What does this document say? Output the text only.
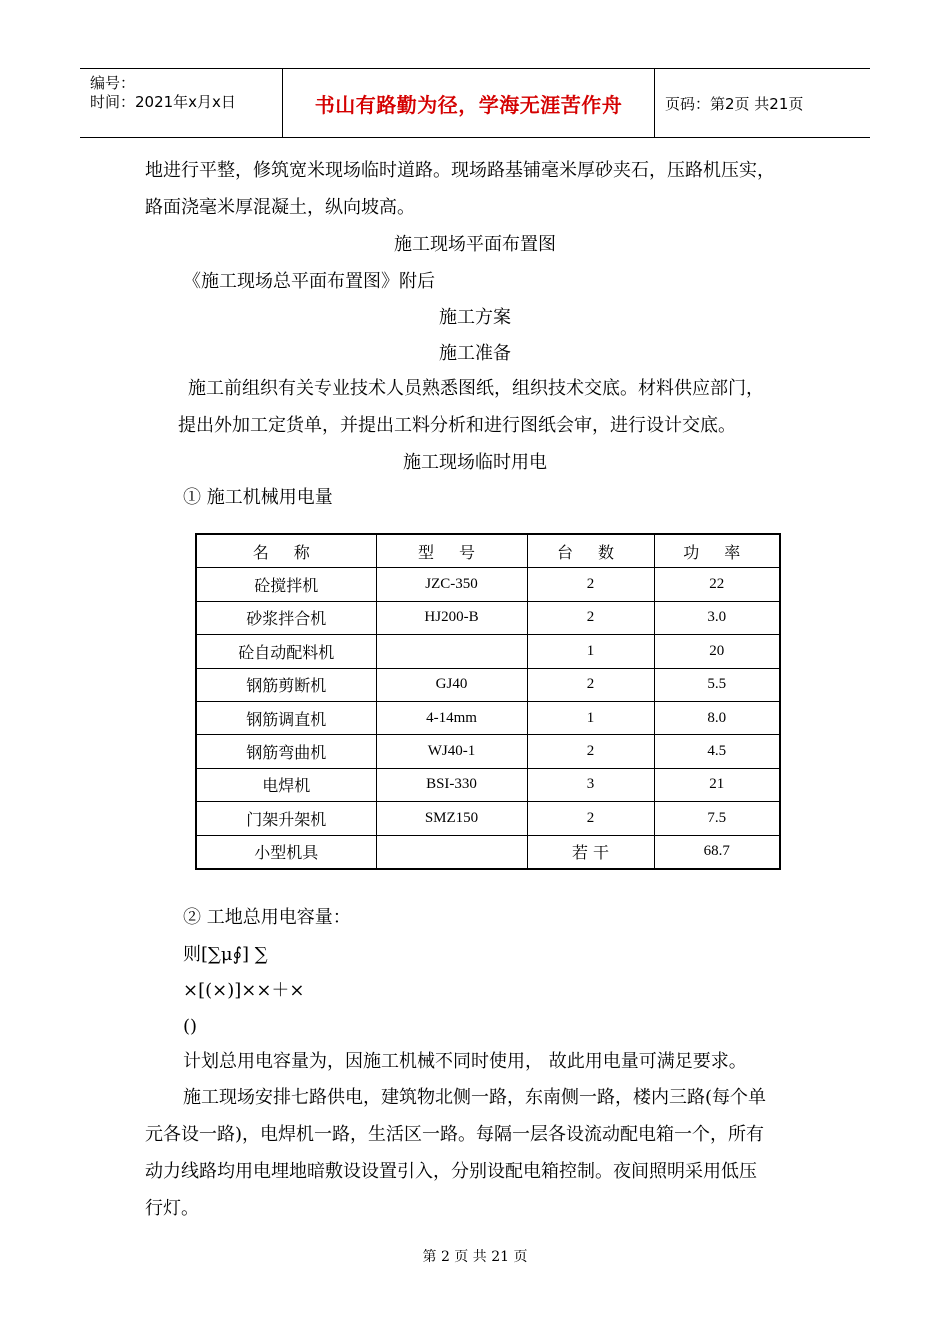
编号：
时间：2021年x月x日	书山有路勤为径，学海无涯苦作舟	页码：第2页 共21页
地进行平整，修筑宽米现场临时道路。现场路基铺毫米厚砂夹石，压路机压实，
路面浇毫米厚混凝土，纵向坡高。
施工现场平面布置图
《施工现场总平面布置图》附后
施工方案
施工准备
施工前组织有关专业技术人员熟悉图纸，组织技术交底。材料供应部门，
提出外加工定货单，并提出工料分析和进行图纸会审，进行设计交底。
施工现场临时用电
① 施工机械用电量
名 称	型 号	台 数	功 率
砼搅拌机	JZC-350	2	22
砂浆拌合机	HJ200-B	2	3.0
砼自动配料机		1	20
钢筋剪断机	GJ40	2	5.5
钢筋调直机	4-14mm	1	8.0
钢筋弯曲机	WJ40-1	2	4.5
电焊机	BSI-330	3	21
门架升架机	SMZ150	2	7.5
小型机具		若 干	68.7
② 工地总用电容量：
则[∑μ∮] ∑
×[(×)]××＋×
()
计划总用电容量为，因施工机械不同时使用， 故此用电量可满足要求。
施工现场安排七路供电，建筑物北侧一路，东南侧一路，楼内三路(每个单
元各设一路)，电焊机一路，生活区一路。每隔一层各设流动配电箱一个，所有
动力线路均用电埋地暗敷设设置引入，分别设配电箱控制。夜间照明采用低压
行灯。
第 2 页 共 21 页
